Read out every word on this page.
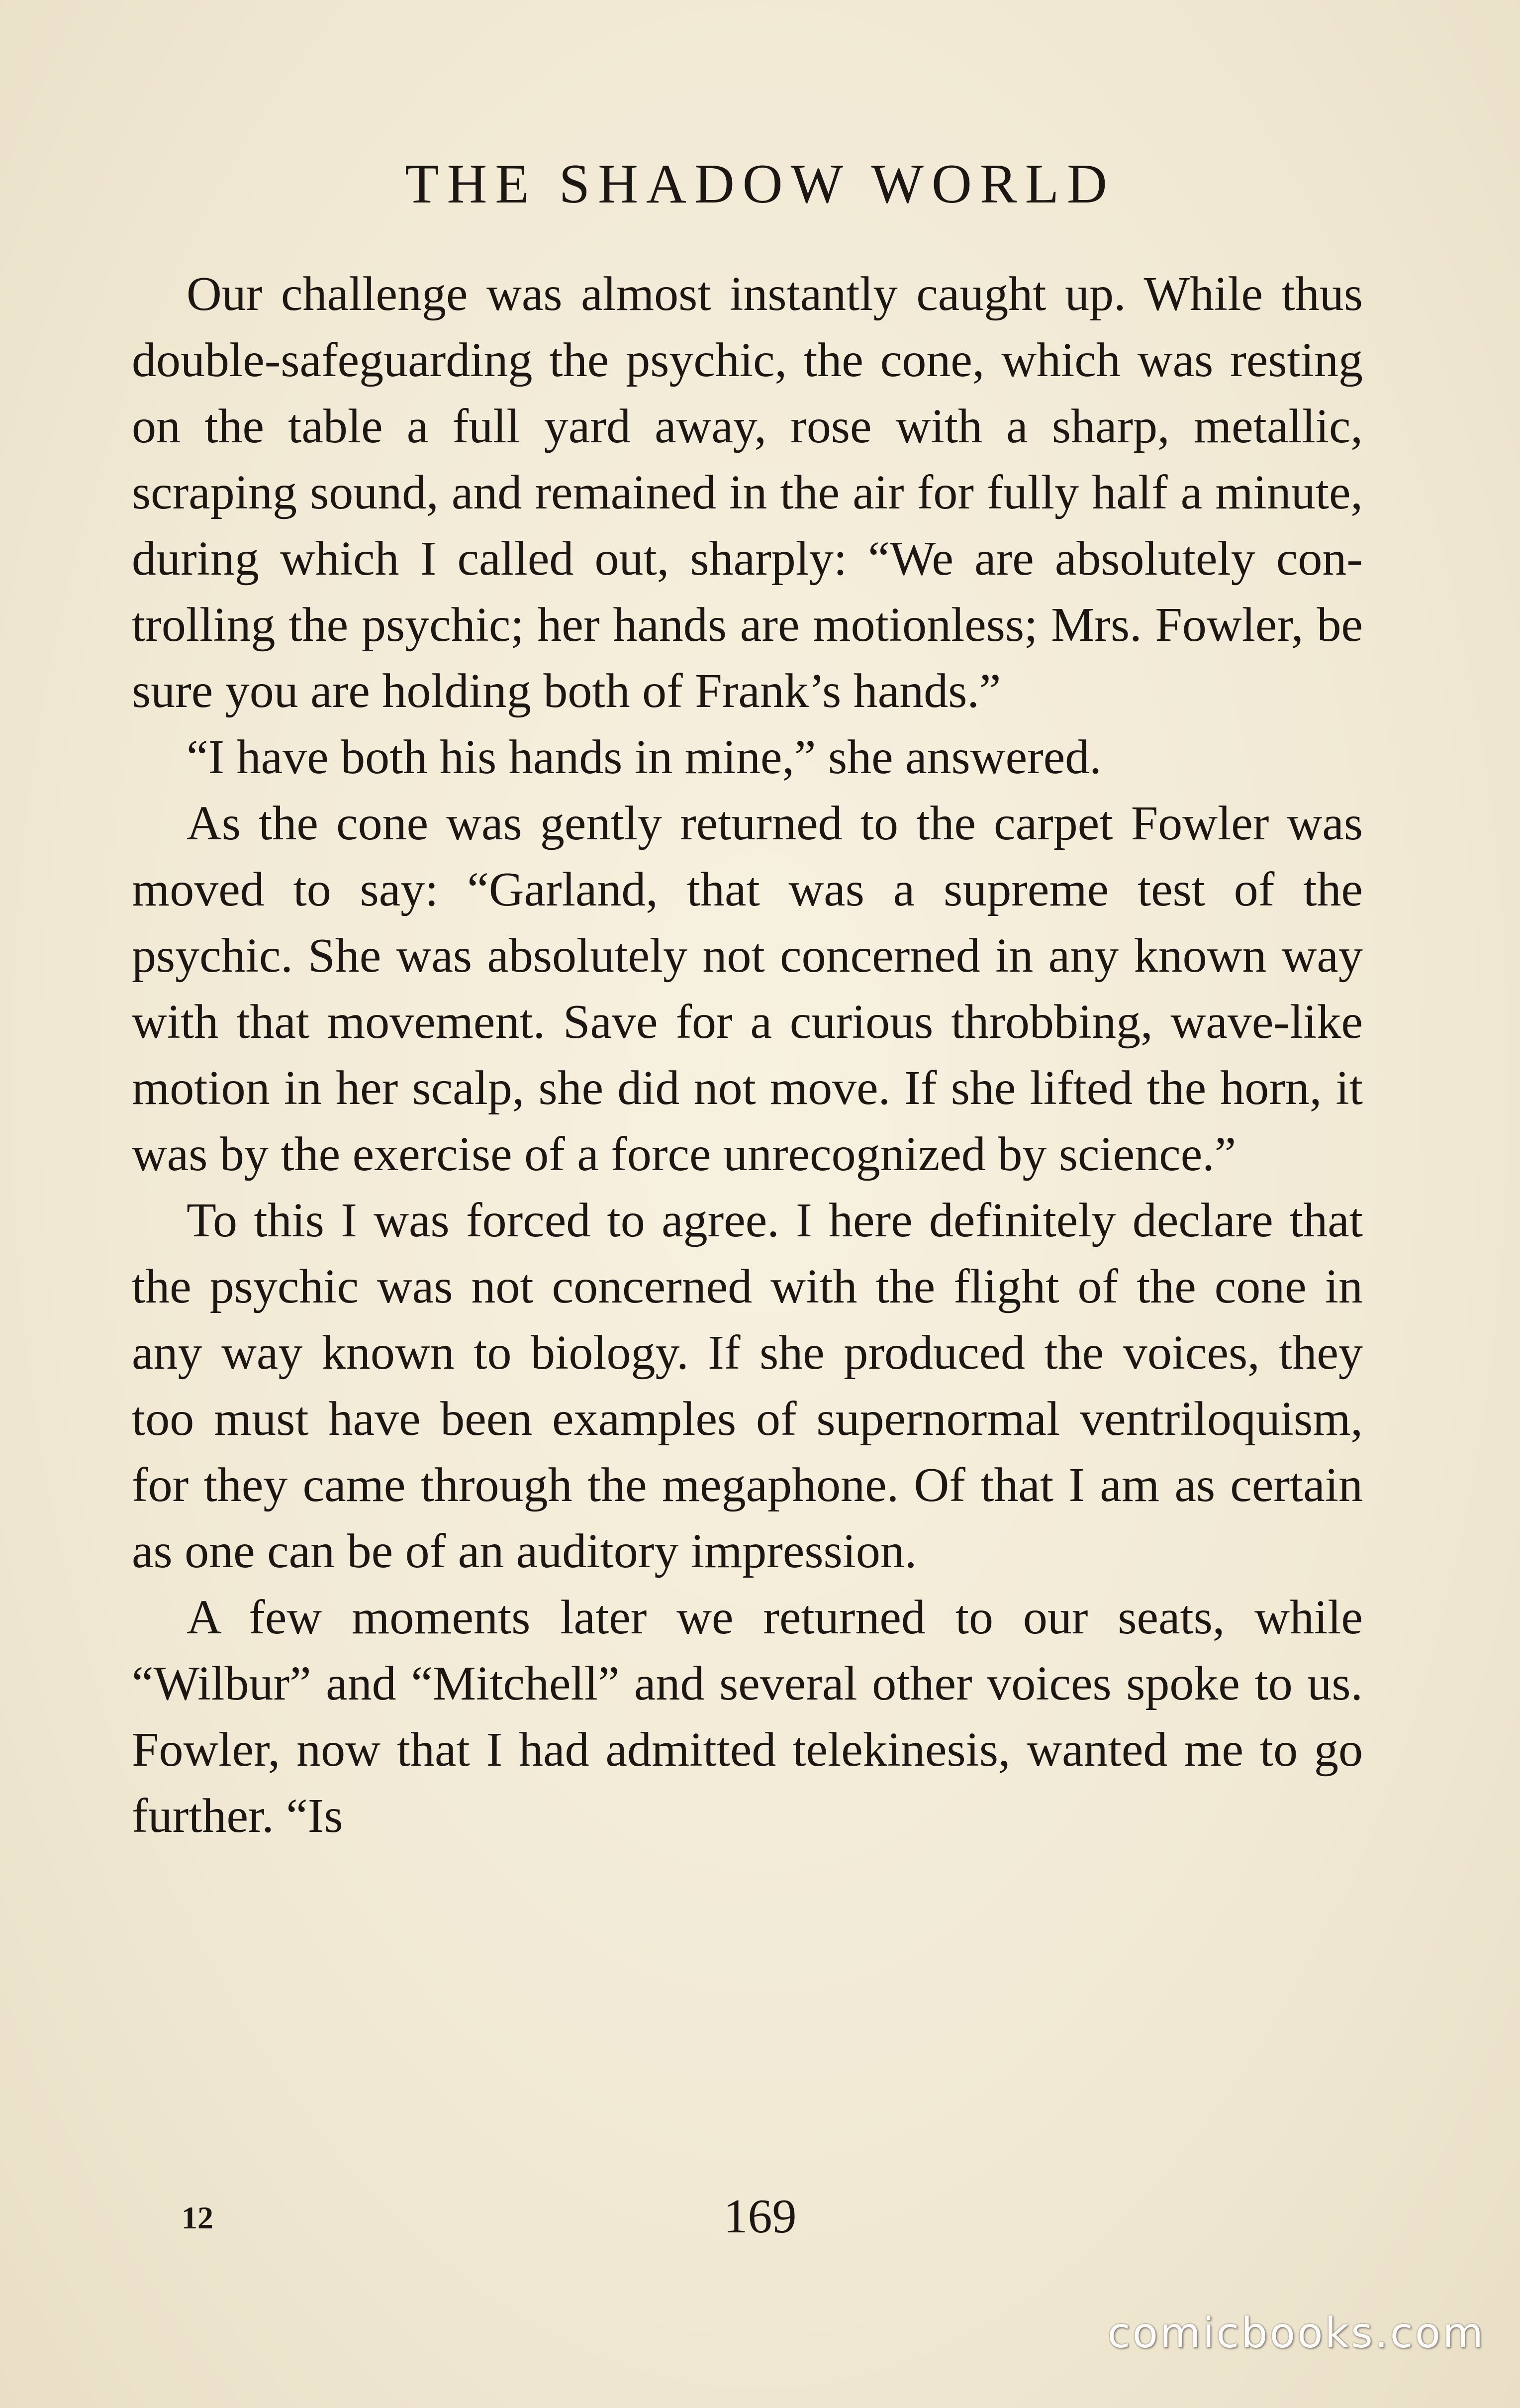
THE SHADOW WORLD

Our challenge was almost instantly caught up. While thus double-safeguarding the psychic, the cone, which was resting on the table a full yard away, rose with a sharp, metallic, scraping sound, and remained in the air for fully half a minute, during which I called out, sharply: “We are absolutely controlling the psychic; her hands are motionless; Mrs. Fowler, be sure you are holding both of Frank’s hands.”

“I have both his hands in mine,” she answered.

As the cone was gently returned to the carpet Fowler was moved to say: “Garland, that was a supreme test of the psychic. She was absolutely not concerned in any known way with that movement. Save for a curious throbbing, wave-like motion in her scalp, she did not move. If she lifted the horn, it was by the exercise of a force unrecognized by science.”

To this I was forced to agree. I here definitely declare that the psychic was not concerned with the flight of the cone in any way known to biology. If she produced the voices, they too must have been examples of supernormal ventriloquism, for they came through the megaphone. Of that I am as certain as one can be of an auditory impression.

A few moments later we returned to our seats, while “Wilbur” and “Mitchell” and several other voices spoke to us. Fowler, now that I had admitted telekinesis, wanted me to go further. “Is

12	169
comicbooks.com
